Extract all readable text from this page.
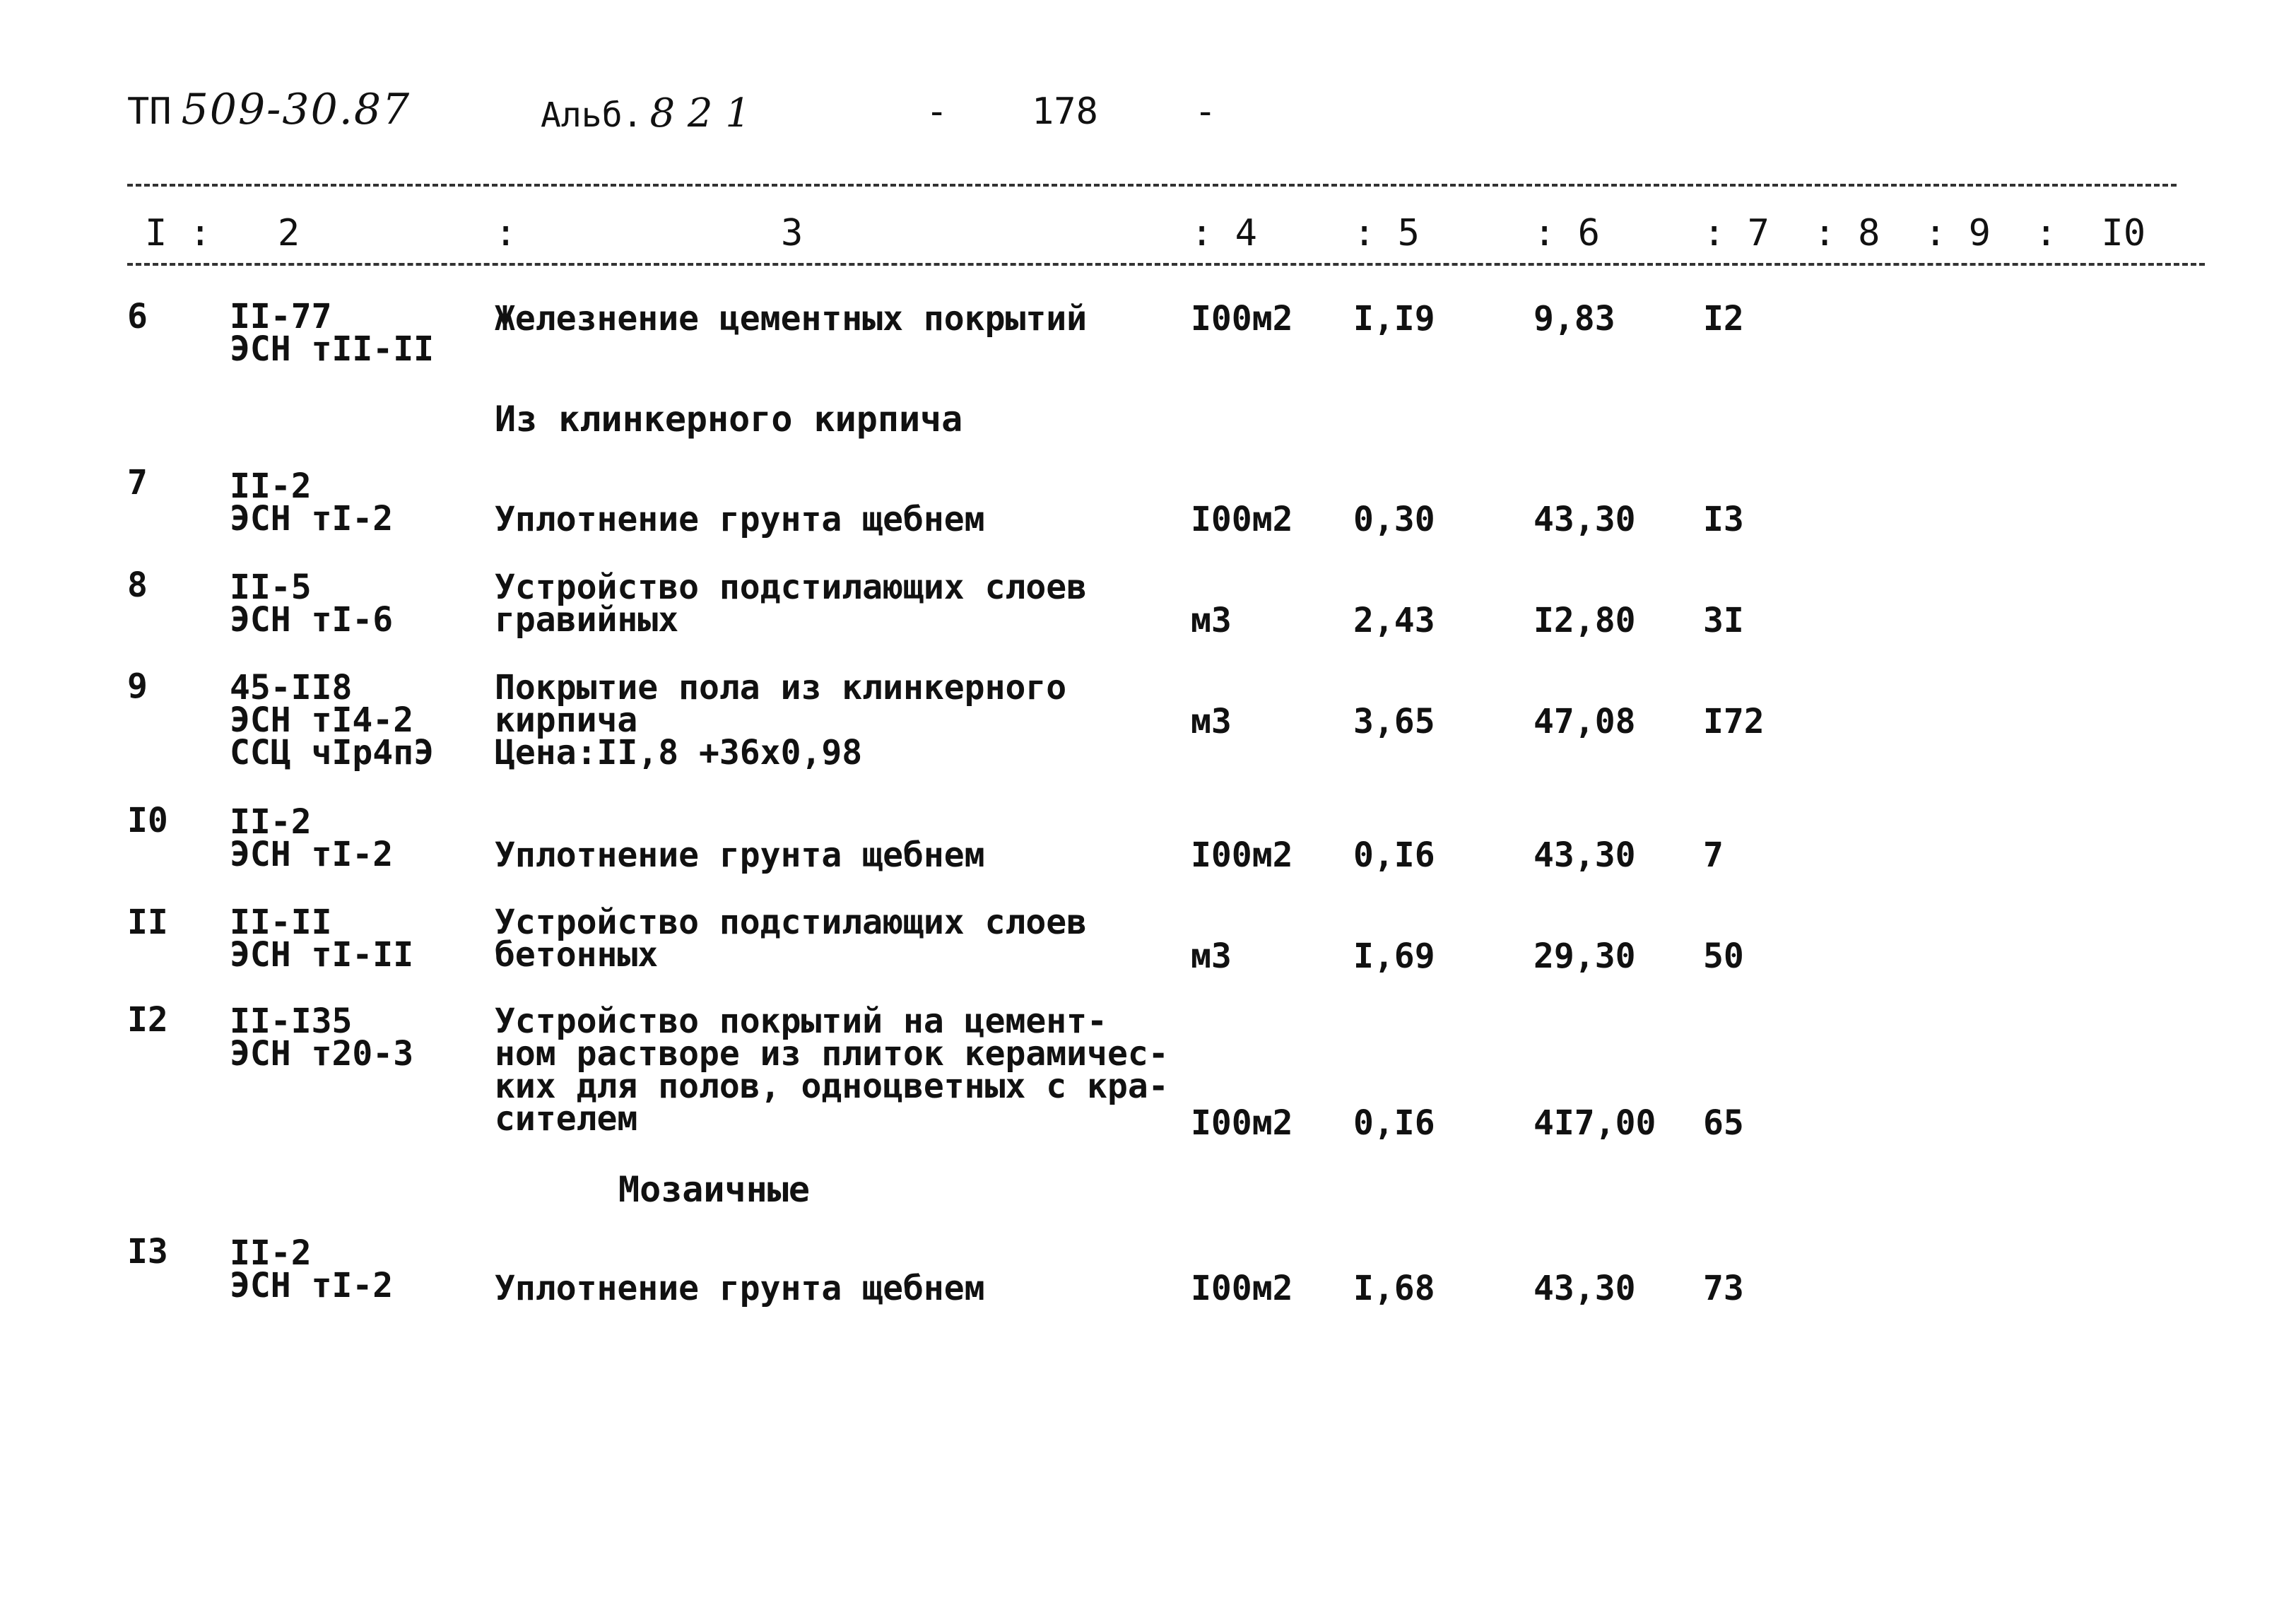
ТП 509-30.87	Альб. 8 2 1	- 178	-
I :   2	:	3	: 4	: 5	: 6	: 7  : 8  : 9  :  I0
6 II-77
ЭСН тII-II
Железнение цементных покрытий	I00м2 I,I9	9,83	I2
Из клинкерного кирпича
7 II-2
ЭСН тI-2	Уплотнение грунта щебнем	I00м2 0,30	43,30 I3
8 II-5
ЭСН тI-6
Устройство подстилающих слоев
гравийных	м3	2,43	I2,80 3I
9 45-II8
ЭСН тI4-2
ССЦ чIр4пЭ
Покрытие пола из клинкерного
кирпича
Цена:II,8 +36х0,98
м3	3,65	47,08 I72
I0 II-2
ЭСН тI-2	Уплотнение грунта щебнем	I00м2 0,I6	43,30 7
II II-II
ЭСН тI-II
Устройство подстилающих слоев
бетонных	м3	I,69	29,30 50
I2 II-I35
ЭСН т20-3
Устройство покрытий на цемент-
ном растворе из плиток керамичес-
ких для полов, одноцветных с кра-
сителем	I00м2 0,I6	4I7,00 65
Мозаичные
I3 II-2
ЭСН тI-2	Уплотнение грунта щебнем	I00м2 I,68	43,30 73
